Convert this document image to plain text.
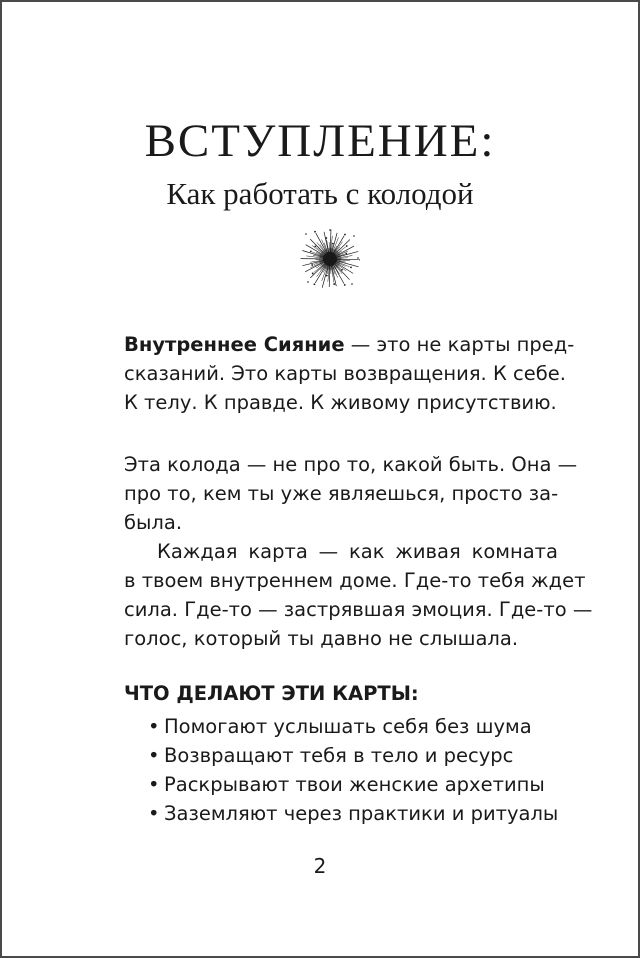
ВСТУПЛЕНИЕ:
Как работать с колодой
Внутреннее Сияние — это не карты пред-
сказаний. Это карты возвращения. К себе.
К телу. К правде. К живому присутствию.
Эта колода — не про то, какой быть. Она —
про то, кем ты уже являешься, просто за-
была.
Каждая карта — как живая комната
в твоем внутреннем доме. Где-то тебя ждет
сила. Где-то — застрявшая эмоция. Где-то —
голос, который ты давно не слышала.
ЧТО ДЕЛАЮТ ЭТИ КАРТЫ:
• Помогают услышать себя без шума
• Возвращают тебя в тело и ресурс
• Раскрывают твои женские архетипы
• Заземляют через практики и ритуалы
2
